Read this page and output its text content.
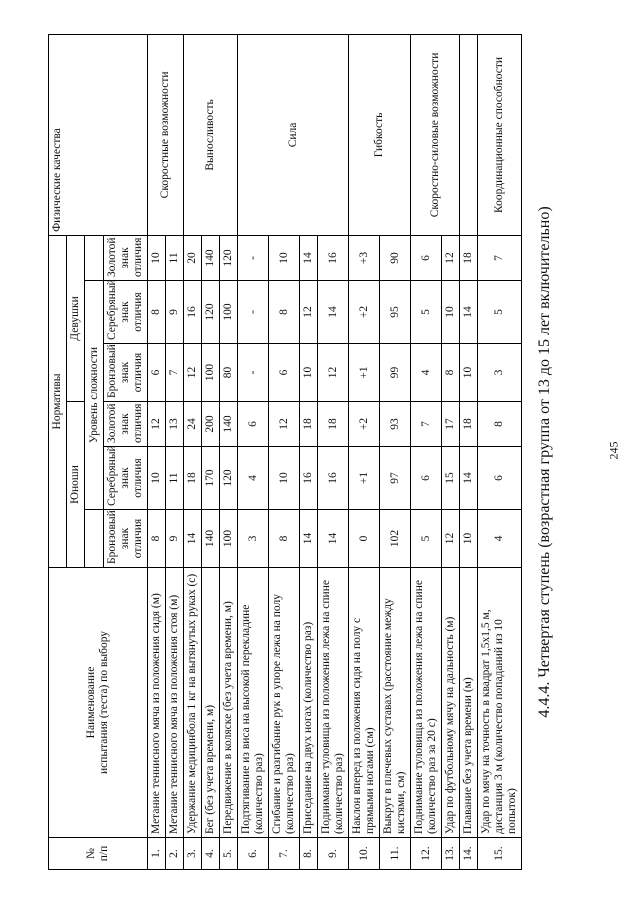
245
4.4.4. Четвертая ступень (возрастная группа от 13 до 15 лет включительно)
№
п/п	Наименование
испытания (теста) по выбору	Нормативы						Физические качества
		Юноши			Девушки			
			Уровень сложности					
		Бронзовый знак отличия	Серебряный знак отличия	Золотой знак отличия	Бронзовый знак отличия	Серебряный знак отличия	Золотой знак отличия	
1.	Метание теннисного мяча из положения сидя (м)	8	10	12	6	8	10	Скоростные возможности
2.	Метание теннисного мяча из положения стоя (м)	9	11	13	7	9	11	
3.	Удержание медицинбола 1 кг на вытянутых руках (с)	14	18	24	12	16	20	Выносливость
4.	Бег (без учета времени, м)	140	170	200	100	120	140	
5.	Передвижение в коляске (без учета времени, м)	100	120	140	80	100	120	
6.	Подтягивание из виса на высокой перекладине (количество раз)	3	4	6	-	-	-	Сила
7.	Сгибание и разгибание рук в упоре лежа на полу (количество раз)	8	10	12	6	8	10	
8.	Приседание на двух ногах (количество раз)	14	16	18	10	12	14	
9.	Поднимание туловища из положения лежа на спине (количество раз)	14	16	18	12	14	16	
10.	Наклон вперед из положения сидя на полу с прямыми ногами (см)	0	+1	+2	+1	+2	+3	Гибкость
11.	Выкрут в плечевых суставах (расстояние между кистями, см)	102	97	93	99	95	90	
12.	Поднимание туловища из положения лежа на спине (количество раз за 20 с)	5	6	7	4	5	6	Скоростно-силовые возможности
13.	Удар по футбольному мячу на дальность (м)	12	15	17	8	10	12	
14.	Плавание без учета времени (м)	10	14	18	10	14	18	
15.	Удар по мячу на точность в квадрат 1,5х1,5 м, дистанция 3 м (количество попаданий из 10 попыток)	4	6	8	3	5	7	Координационные способности
